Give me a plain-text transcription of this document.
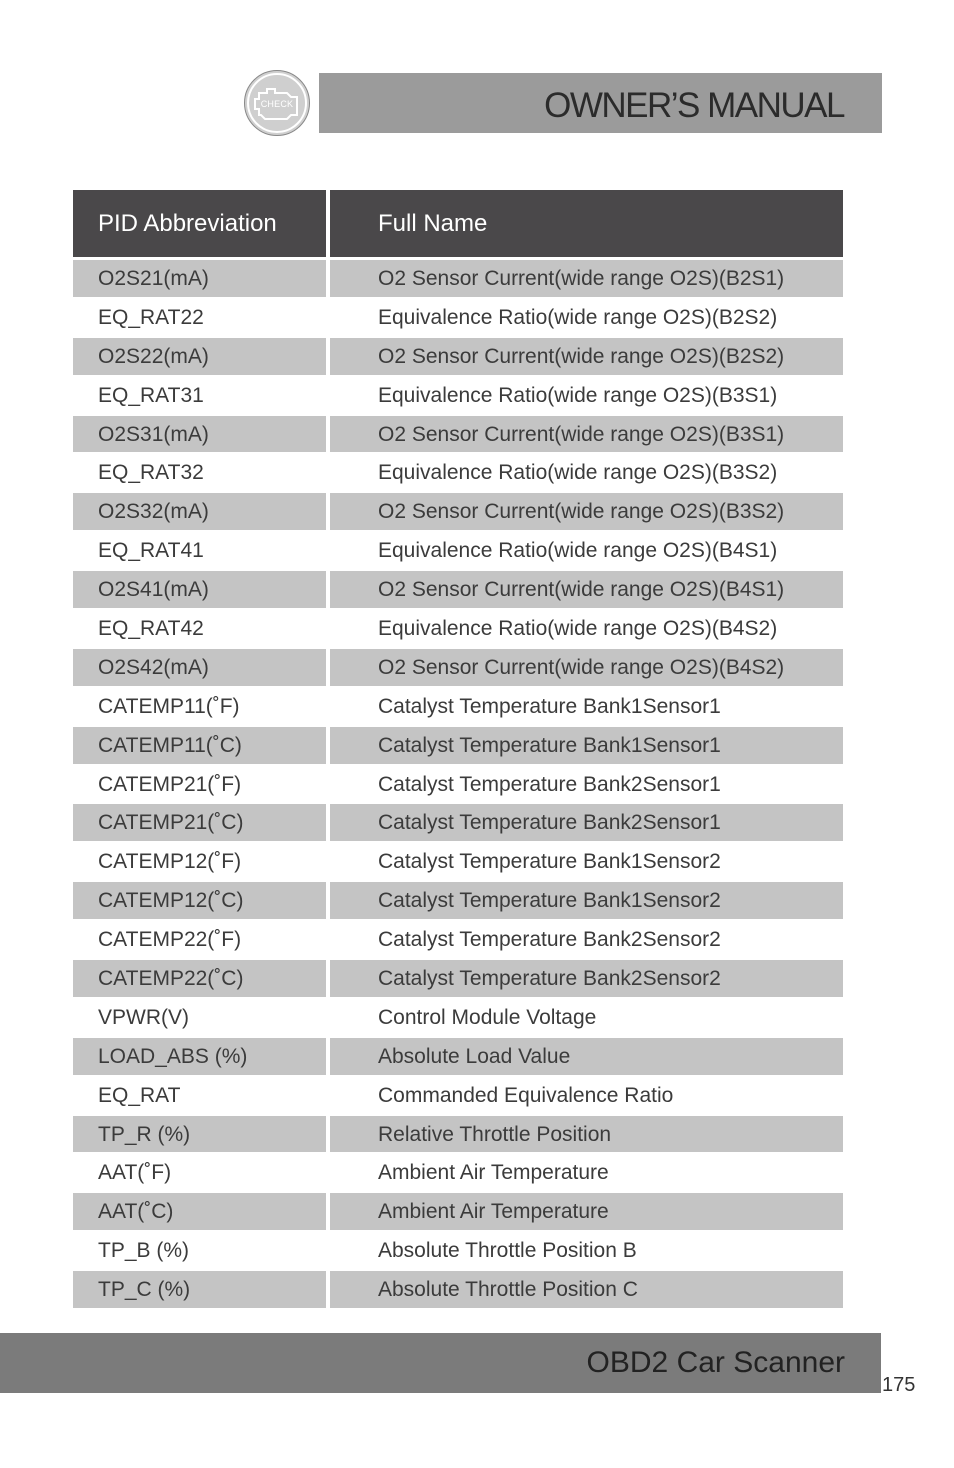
CHECK	OWNER’S MANUAL
PID Abbreviation	Full Name
O2S21(mA)	O2 Sensor Current(wide range O2S)(B2S1)
EQ_RAT22	Equivalence Ratio(wide range O2S)(B2S2)
O2S22(mA)	O2 Sensor Current(wide range O2S)(B2S2)
EQ_RAT31	Equivalence Ratio(wide range O2S)(B3S1)
O2S31(mA)	O2 Sensor Current(wide range O2S)(B3S1)
EQ_RAT32	Equivalence Ratio(wide range O2S)(B3S2)
O2S32(mA)	O2 Sensor Current(wide range O2S)(B3S2)
EQ_RAT41	Equivalence Ratio(wide range O2S)(B4S1)
O2S41(mA)	O2 Sensor Current(wide range O2S)(B4S1)
EQ_RAT42	Equivalence Ratio(wide range O2S)(B4S2)
O2S42(mA)	O2 Sensor Current(wide range O2S)(B4S2)
CATEMP11(˚F)	Catalyst Temperature Bank1Sensor1
CATEMP11(˚C)	Catalyst Temperature Bank1Sensor1
CATEMP21(˚F)	Catalyst Temperature Bank2Sensor1
CATEMP21(˚C)	Catalyst Temperature Bank2Sensor1
CATEMP12(˚F)	Catalyst Temperature Bank1Sensor2
CATEMP12(˚C)	Catalyst Temperature Bank1Sensor2
CATEMP22(˚F)	Catalyst Temperature Bank2Sensor2
CATEMP22(˚C)	Catalyst Temperature Bank2Sensor2
VPWR(V)	Control Module Voltage
LOAD_ABS (%)	Absolute Load Value
EQ_RAT	Commanded Equivalence Ratio
TP_R (%)	Relative Throttle Position
AAT(˚F)	Ambient Air Temperature
AAT(˚C)	Ambient Air Temperature
TP_B (%)	Absolute Throttle Position B
TP_C (%)	Absolute Throttle Position C
OBD2 Car Scanner
175
